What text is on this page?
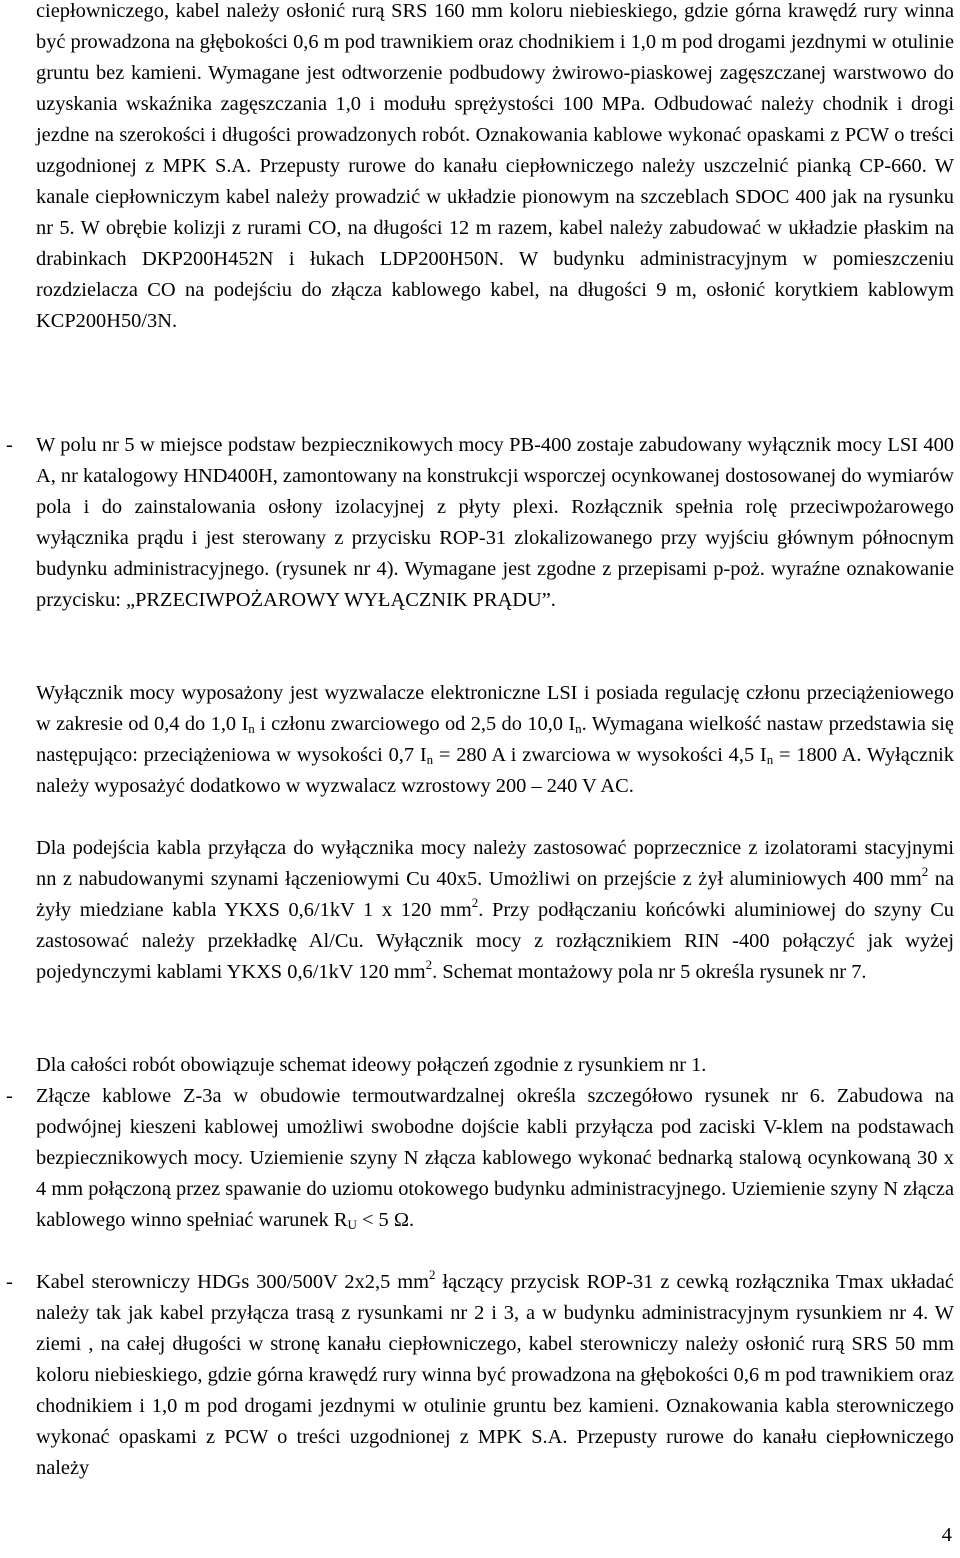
ciepłowniczego, kabel należy osłonić rurą SRS 160 mm koloru niebieskiego, gdzie górna krawędź rury winna być prowadzona na głębokości 0,6 m pod trawnikiem oraz chodnikiem i 1,0 m pod drogami jezdnymi w otulinie gruntu bez kamieni. Wymagane jest odtworzenie podbudowy żwirowo-piaskowej zagęszczanej warstwowo do uzyskania wskaźnika zagęszczania 1,0 i modułu sprężystości 100 MPa. Odbudować należy chodnik i drogi jezdne na szerokości i długości prowadzonych robót. Oznakowania kablowe wykonać opaskami z PCW o treści uzgodnionej z MPK S.A. Przepusty rurowe do kanału ciepłowniczego należy uszczelnić pianką CP-660. W kanale ciepłowniczym kabel należy prowadzić w układzie pionowym na szczeblach SDOC 400 jak na rysunku nr 5. W obrębie kolizji z rurami CO, na długości 12 m razem, kabel należy zabudować w układzie płaskim na drabinkach DKP200H452N i łukach LDP200H50N. W budynku administracyjnym w pomieszczeniu rozdzielacza CO na podejściu do złącza kablowego kabel, na długości 9 m, osłonić korytkiem kablowym KCP200H50/3N.

- W polu nr 5 w miejsce podstaw bezpiecznikowych mocy PB-400 zostaje zabudowany wyłącznik mocy LSI 400 A, nr katalogowy HND400H, zamontowany na konstrukcji wsporczej ocynkowanej dostosowanej do wymiarów pola i do zainstalowania osłony izolacyjnej z płyty plexi. Rozłącznik spełnia rolę przeciwpożarowego wyłącznika prądu i jest sterowany z przycisku ROP-31 zlokalizowanego przy wyjściu głównym północnym budynku administracyjnego. (rysunek nr 4). Wymagane jest zgodne z przepisami p-poż. wyraźne oznakowanie przycisku: „PRZECIWPOŻAROWY WYŁĄCZNIK PRĄDU”.

Wyłącznik mocy wyposażony jest wyzwalacze elektroniczne LSI i posiada regulację członu przeciążeniowego w zakresie od 0,4 do 1,0 $I_n$ i członu zwarciowego od 2,5 do 10,0 $I_n$. Wymagana wielkość nastaw przedstawia się następująco: przeciążeniowa w wysokości 0,7 $I_n = 280$ A i zwarciowa w wysokości 4,5 $I_n = 1800$ A. Wyłącznik należy wyposażyć dodatkowo w wyzwalacz wzrostowy 200 – 240 V AC.

Dla podejścia kabla przyłącza do wyłącznika mocy należy zastosować poprzecznice z izolatorami stacyjnymi nn z nabudowanymi szynami łączeniowymi Cu 40x5. Umożliwi on przejście z żył aluminiowych 400 $mm^2$ na żyły miedziane kabla YKXS 0,6/1kV 1 x 120 $mm^2$. Przy podłączaniu końcówki aluminiowej do szyny Cu zastosować należy przekładkę Al/Cu. Wyłącznik mocy z rozłącznikiem RIN -400 połączyć jak wyżej pojedynczymi kablami YKXS 0,6/1kV 120 $mm^2$. Schemat montażowy pola nr 5 określa rysunek nr 7.

Dla całości robót obowiązuje schemat ideowy połączeń zgodnie z rysunkiem nr 1.

- Złącze kablowe Z-3a w obudowie termoutwardzalnej określa szczegółowo rysunek nr 6. Zabudowa na podwójnej kieszeni kablowej umożliwi swobodne dojście kabli przyłącza pod zaciski V-klem na podstawach bezpiecznikowych mocy. Uziemienie szyny N złącza kablowego wykonać bednarką stalową ocynkowaną 30 x 4 mm połączoną przez spawanie do uziomu otokowego budynku administracyjnego. Uziemienie szyny N złącza kablowego winno spełniać warunek $R_U < 5$ Ω.

- Kabel sterowniczy HDGs 300/500V 2x2,5 $mm^2$ łączący przycisk ROP-31 z cewką rozłącznika Tmax układać należy tak jak kabel przyłącza trasą z rysunkami nr 2 i 3, a w budynku administracyjnym rysunkiem nr 4. W ziemi , na całej długości w stronę kanału ciepłowniczego, kabel sterowniczy należy osłonić rurą SRS 50 mm koloru niebieskiego, gdzie górna krawędź rury winna być prowadzona na głębokości 0,6 m pod trawnikiem oraz chodnikiem i 1,0 m pod drogami jezdnymi w otulinie gruntu bez kamieni. Oznakowania kabla sterowniczego wykonać opaskami z PCW o treści uzgodnionej z MPK S.A. Przepusty rurowe do kanału ciepłowniczego należy

4
